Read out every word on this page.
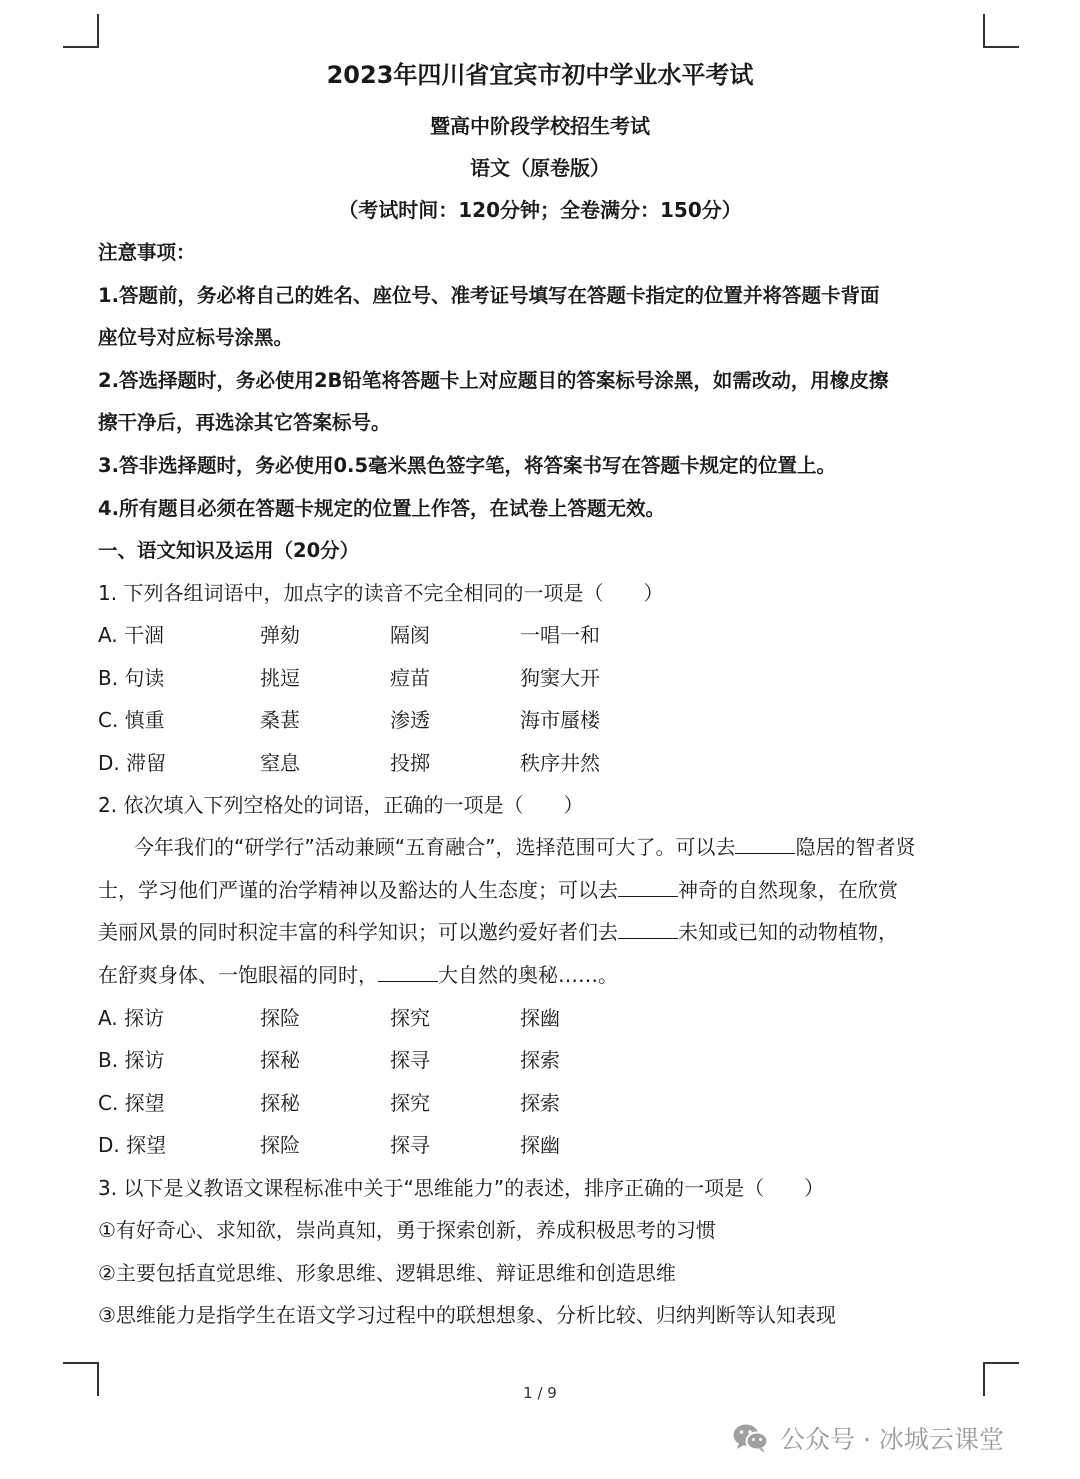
2023年四川省宜宾市初中学业水平考试
暨高中阶段学校招生考试
语文（原卷版）
（考试时间：120分钟；全卷满分：150分）
注意事项：
1.答题前，务必将自己的姓名、座位号、准考证号填写在答题卡指定的位置并将答题卡背面
座位号对应标号涂黑。
2.答选择题时，务必使用2B铅笔将答题卡上对应题目的答案标号涂黑，如需改动，用橡皮擦
擦干净后，再选涂其它答案标号。
3.答非选择题时，务必使用0.5毫米黑色签字笔，将答案书写在答题卡规定的位置上。
4.所有题目必须在答题卡规定的位置上作答，在试卷上答题无效。
一、语文知识及运用（20分）
1. 下列各组词语中，加点字的读音不完全相同的一项是（　　）
A. 干涸	弹劾	隔阂	一唱一和
B. 句读	挑逗	痘苗	狗窦大开
C. 慎重	桑葚	渗透	海市蜃楼
D. 滞留	窒息	投掷	秩序井然
2. 依次填入下列空格处的词语，正确的一项是（　　）
今年我们的“研学行”活动兼顾“五育融合”，选择范围可大了。可以去	隐居的智者贤
士，学习他们严谨的治学精神以及豁达的人生态度；可以去	神奇的自然现象，在欣赏
美丽风景的同时积淀丰富的科学知识；可以邀约爱好者们去	未知或已知的动物植物，
在舒爽身体、一饱眼福的同时，	大自然的奥秘……。
A. 探访	探险	探究	探幽
B. 探访	探秘	探寻	探索
C. 探望	探秘	探究	探索
D. 探望	探险	探寻	探幽
3. 以下是义教语文课程标准中关于“思维能力”的表述，排序正确的一项是（　　）
①有好奇心、求知欲，崇尚真知，勇于探索创新，养成积极思考的习惯
②主要包括直觉思维、形象思维、逻辑思维、辩证思维和创造思维
③思维能力是指学生在语文学习过程中的联想想象、分析比较、归纳判断等认知表现
1 / 9
公众号 · 冰城云课堂
